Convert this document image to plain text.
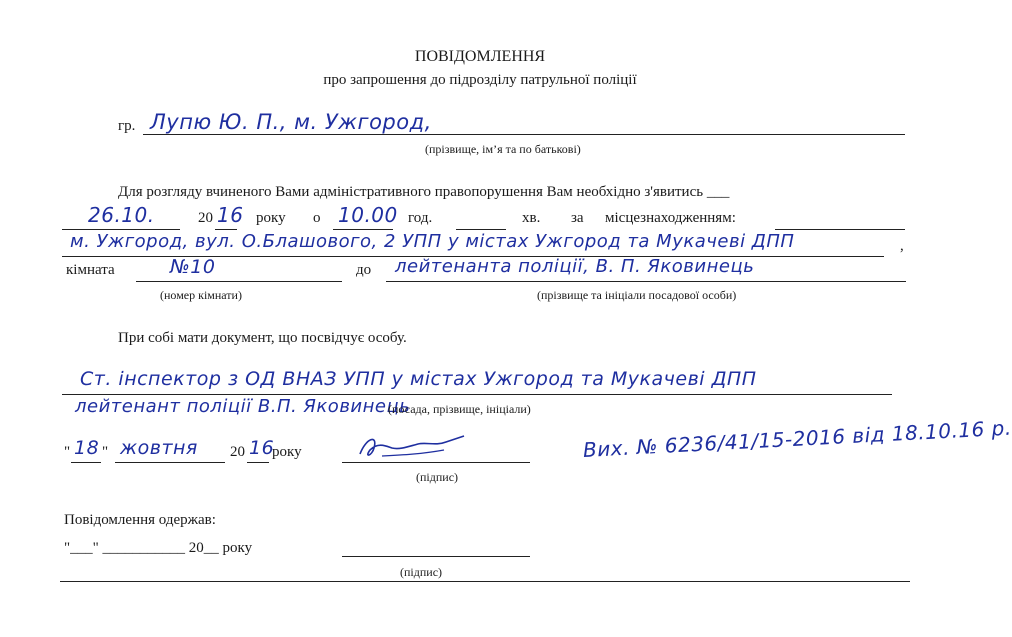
ПОВІДОМЛЕННЯ
про запрошення до підрозділу патрульної поліції
гр. Лупю Ю. П., м. Ужгород,
(прізвище, ім’я та по батькові)
Для розгляду вчиненого Вами адміністративного правопорушення Вам необхідно з'явитись ___
26.10.	20 16 року о 10.00 год.	хв. за місцезнаходженням:
м. Ужгород, вул. О.Блашового, 2 УПП у містах Ужгород та Мукачеві ДПП	,
кімната	№10
(номер кімнати)
до лейтенанта поліції, В. П. Яковинець
(прізвище та ініціали посадової особи)
При собі мати документ, що посвідчує особу.
Ст. інспектор з ОД ВНАЗ УПП у містах Ужгород та Мукачеві ДПП
лейтенант поліції В.П. Яковинець
(посада, прізвище, ініціали)
" 18 " жовтня 20 16
року
(підпис)
Вих. № 6236/41/15-2016 від 18.10.16 р.
Повідомлення одержав:
"___" ___________ 20__ року
(підпис)
